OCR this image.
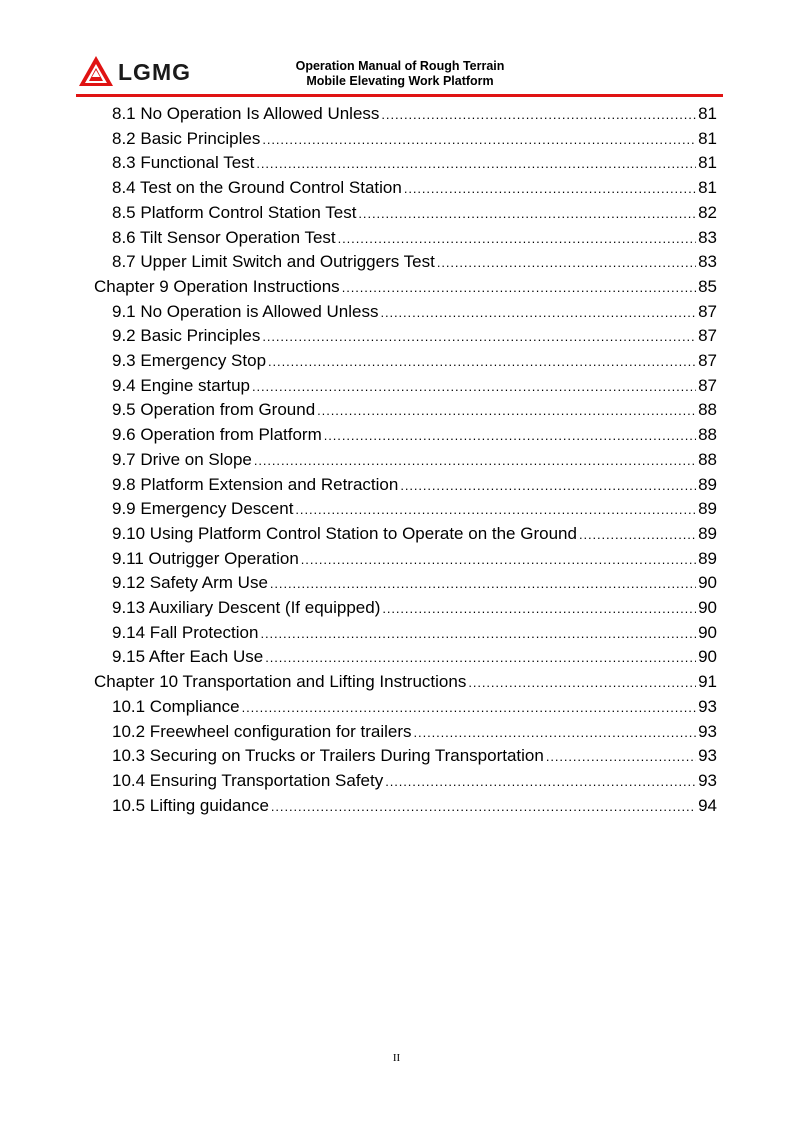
LGMG	Operation Manual of Rough Terrain
Mobile Elevating Work Platform
8.1 No Operation Is Allowed Unless .....	81
8.2 Basic Principles .....	81
8.3 Functional Test .....	81
8.4 Test on the Ground Control Station .....	81
8.5 Platform Control Station Test .....	82
8.6 Tilt Sensor Operation Test .....	83
8.7 Upper Limit Switch and Outriggers Test .....	83
Chapter 9 Operation Instructions .....	85
9.1 No Operation is Allowed Unless .....	87
9.2 Basic Principles .....	87
9.3 Emergency Stop .....	87
9.4 Engine startup .....	87
9.5 Operation from Ground .....	88
9.6 Operation from Platform .....	88
9.7 Drive on Slope .....	88
9.8 Platform Extension and Retraction .....	89
9.9 Emergency Descent .....	89
9.10 Using Platform Control Station to Operate on the Ground .....	89
9.11 Outrigger Operation .....	89
9.12 Safety Arm Use .....	90
9.13 Auxiliary Descent (If equipped) .....	90
9.14 Fall Protection .....	90
9.15 After Each Use .....	90
Chapter 10 Transportation and Lifting Instructions .....	91
10.1 Compliance .....	93
10.2 Freewheel configuration for trailers .....	93
10.3 Securing on Trucks or Trailers During Transportation .....	93
10.4 Ensuring Transportation Safety .....	93
10.5 Lifting guidance .....	94
II
